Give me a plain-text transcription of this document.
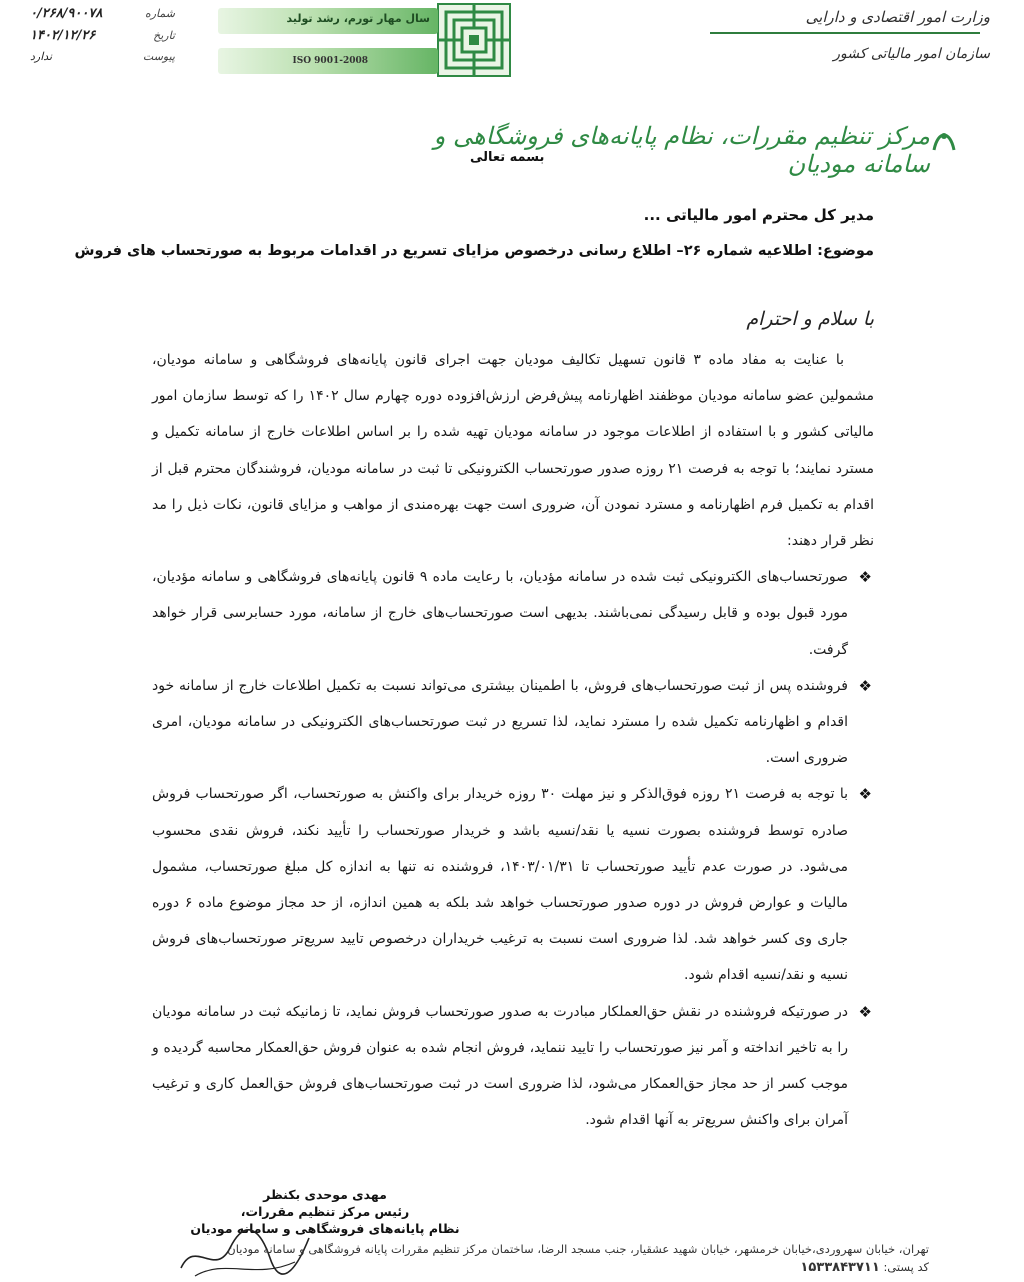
وزارت امور اقتصادی و دارایی
سازمان امور مالیاتی کشور
سال مهار تورم، رشد تولید
ISO 9001-2008
شماره
۰/۲۶۸/۹۰۰۷۸
تاریخ
۱۴۰۲/۱۲/۲۶
پیوست
ندارد
مرکز تنظیم مقررات، نظام پایانه‌های فروشگاهی و سامانه مودیان
بسمه تعالی
مدیر کل محترم امور مالیاتی ...
موضوع: اطلاعیه شماره ۲۶– اطلاع رسانی درخصوص مزایای تسریع در اقدامات مربوط به صورتحساب های فروش
با سلام و احترام

با عنایت به مفاد ماده ۳ قانون تسهیل تکالیف مودیان جهت اجرای قانون پایانه‌های فروشگاهی و سامانه مودیان، مشمولین عضو سامانه مودیان موظفند اظهارنامه پیش‌فرض ارزش‌افزوده دوره چهارم سال ۱۴۰۲ را که توسط سازمان امور مالیاتی کشور و با استفاده از اطلاعات موجود در سامانه مودیان تهیه شده را بر اساس اطلاعات خارج از سامانه تکمیل و مسترد نمایند؛ با توجه به فرصت ۲۱ روزه صدور صورتحساب الکترونیکی تا ثبت در سامانه مودیان، فروشندگان محترم قبل از اقدام به تکمیل فرم اظهارنامه و مسترد نمودن آن، ضروری است جهت بهره‌مندی از مواهب و مزایای قانون، نکات ذیل را مد نظر قرار دهند:

❖
صورتحساب‌های الکترونیکی ثبت شده در سامانه مؤدیان، با رعایت ماده ۹ قانون پایانه‌های فروشگاهی و سامانه مؤدیان، مورد قبول بوده و قابل رسیدگی نمی‌باشند. بدیهی است صورتحساب‌های خارج از سامانه، مورد حسابرسی قرار خواهد گرفت.
❖
فروشنده پس از ثبت صورتحساب‌های فروش، با اطمینان بیشتری می‌تواند نسبت به تکمیل اطلاعات خارج از سامانه خود اقدام و اظهارنامه تکمیل شده را مسترد نماید، لذا تسریع در ثبت صورتحساب‌های الکترونیکی در سامانه مودیان، امری ضروری است.
❖
با توجه به فرصت ۲۱ روزه فوق‌الذکر و نیز مهلت ۳۰ روزه خریدار برای واکنش به صورتحساب، اگر صورتحساب فروش صادره توسط فروشنده بصورت نسیه یا نقد/نسیه باشد و خریدار صورتحساب را تأیید نکند، فروش نقدی محسوب می‌شود. در صورت عدم تأیید صورتحساب تا ۱۴۰۳/۰۱/۳۱، فروشنده نه تنها به اندازه کل مبلغ صورتحساب، مشمول مالیات و عوارض فروش در دوره صدور صورتحساب خواهد شد بلکه به همین اندازه، از حد مجاز موضوع ماده ۶ دوره جاری وی کسر خواهد شد. لذا ضروری است نسبت به ترغیب خریداران درخصوص تایید سریع‌تر صورتحساب‌های فروش نسیه و نقد/نسیه اقدام شود.
❖
در صورتیکه فروشنده در نقش حق‌العملکار مبادرت به صدور صورتحساب فروش نماید، تا زمانیکه ثبت در سامانه مودیان را به تاخیر انداخته و آمر نیز صورتحساب را تایید ننماید، فروش انجام شده به عنوان فروش حق‌العمکار محاسبه گردیده و موجب کسر از حد مجاز حق‌العمکار می‌شود، لذا ضروری است در ثبت صورتحساب‌های فروش حق‌العمل کاری و ترغیب آمران برای واکنش سریع‌تر به آنها اقدام شود.
مهدی موحدی بکنظر
رئیس مرکز تنظیم مقررات،
نظام پایانه‌های فروشگاهی و سامانه مودیان
تهران، خیابان سهروردی،خیابان خرمشهر، خیابان شهید عشقیار، جنب مسجد الرضا، ساختمان مرکز تنظیم مقررات پایانه فروشگاهی و سامانه مودیان
کد پستی: ۱۵۳۳۸۴۳۷۱۱
